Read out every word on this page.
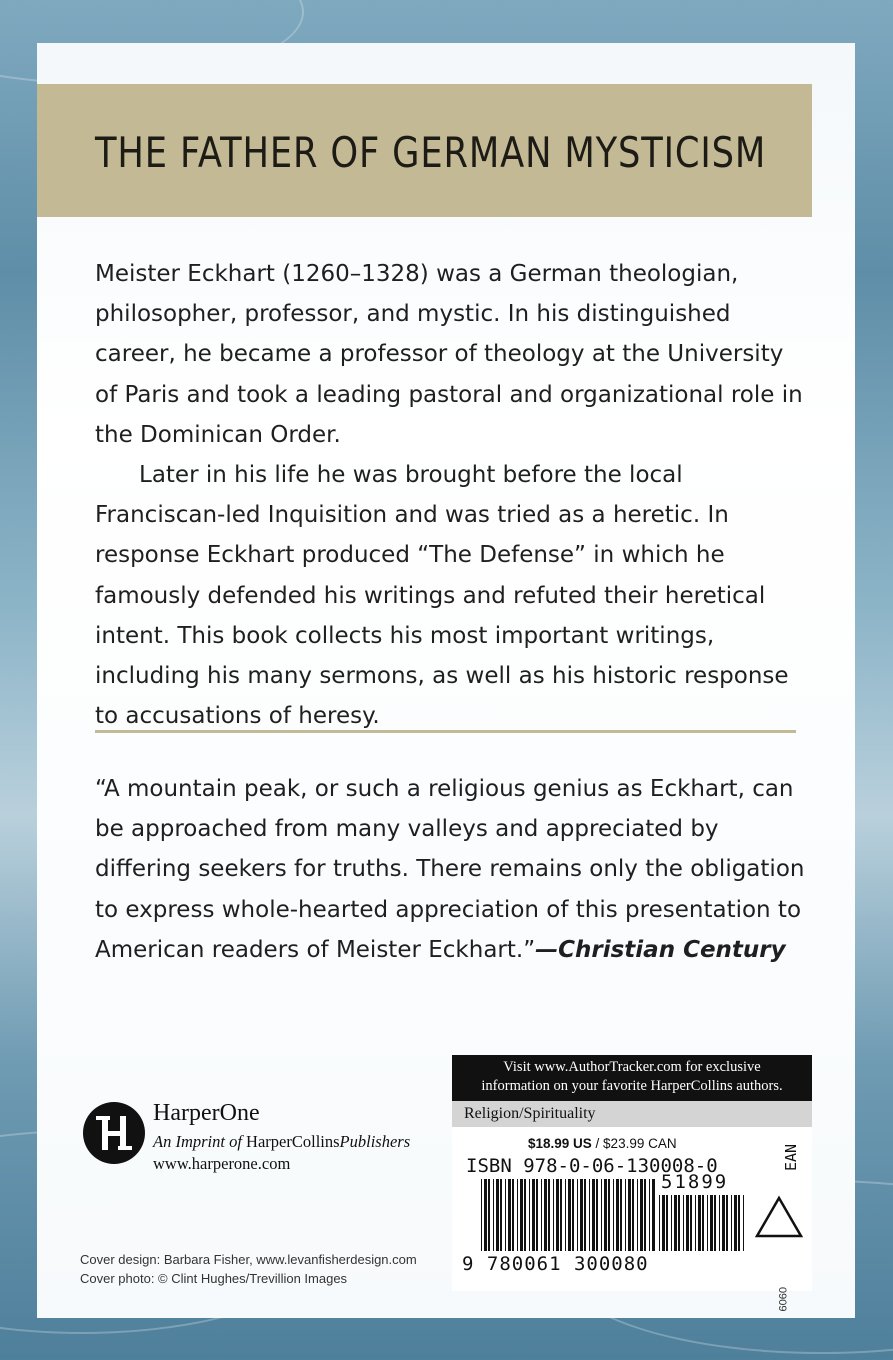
THE FATHER OF GERMAN MYSTICISM

Meister Eckhart (1260–1328) was a German theologian, philosopher, professor, and mystic. In his distinguished career, he became a professor of theology at the University of Paris and took a leading pastoral and organizational role in the Dominican Order.

Later in his life he was brought before the local Franciscan-led Inquisition and was tried as a heretic. In response Eckhart produced “The Defense” in which he famously defended his writings and refuted their heretical intent. This book collects his most important writings, including his many sermons, as well as his historic response to accusations of heresy.

“A mountain peak, or such a religious genius as Eckhart, can be approached from many valleys and appreciated by differing seekers for truths. There remains only the obligation to express whole-hearted appreciation of this presentation to American readers of Meister Eckhart.”—Christian Century

HarperOne
An Imprint of HarperCollinsPublishers
www.harperone.com
Cover design: Barbara Fisher, www.levanfisherdesign.com
Cover photo: © Clint Hughes/Trevillion Images
Visit www.AuthorTracker.com for exclusive
information on your favorite HarperCollins authors.
Religion/Spirituality
$18.99 US / $23.99 CAN
ISBN 978-0-06-130008-0	EAN
51899
9 780061 300080
0909
